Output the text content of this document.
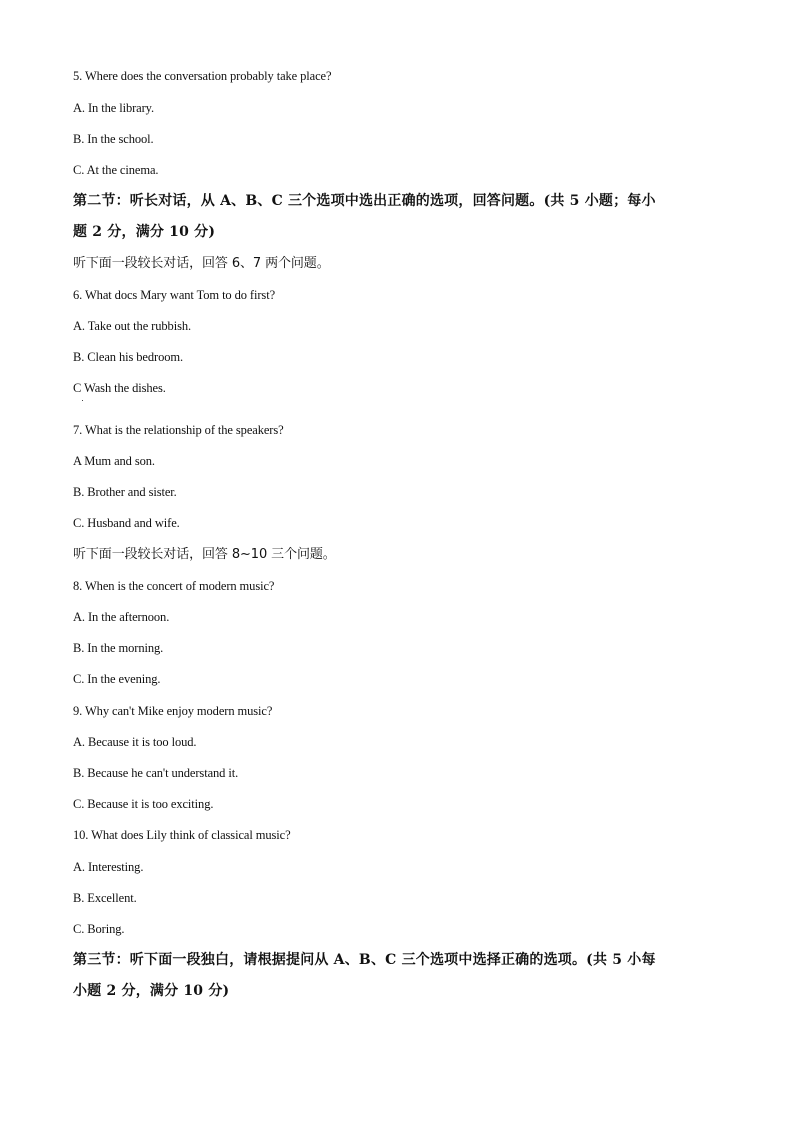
5. Where does the conversation probably take place?
A. In the library.
B. In the school.
C. At the cinema.
第二节：听长对话，从 A、B、C 三个选项中选出正确的选项，回答问题。(共 5 小题；每小
题 2 分，满分 10 分)
听下面一段较长对话，回答 6、7 两个问题。
6. What docs Mary want Tom to do first?
A. Take out the rubbish.
B. Clean his bedroom.
C Wash the dishes.
7. What is the relationship of the speakers?
A Mum and son.
B. Brother and sister.
C. Husband and wife.
听下面一段较长对话，回答 8~10 三个问题。
8. When is the concert of modern music?
A. In the afternoon.
B. In the morning.
C. In the evening.
9. Why can't Mike enjoy modern music?
A. Because it is too loud.
B. Because he can't understand it.
C. Because it is too exciting.
10. What does Lily think of classical music?
A. Interesting.
B. Excellent.
C. Boring.
第三节：听下面一段独白，请根据提问从 A、B、C 三个选项中选择正确的选项。(共 5 小每
小题 2 分，满分 10 分)
